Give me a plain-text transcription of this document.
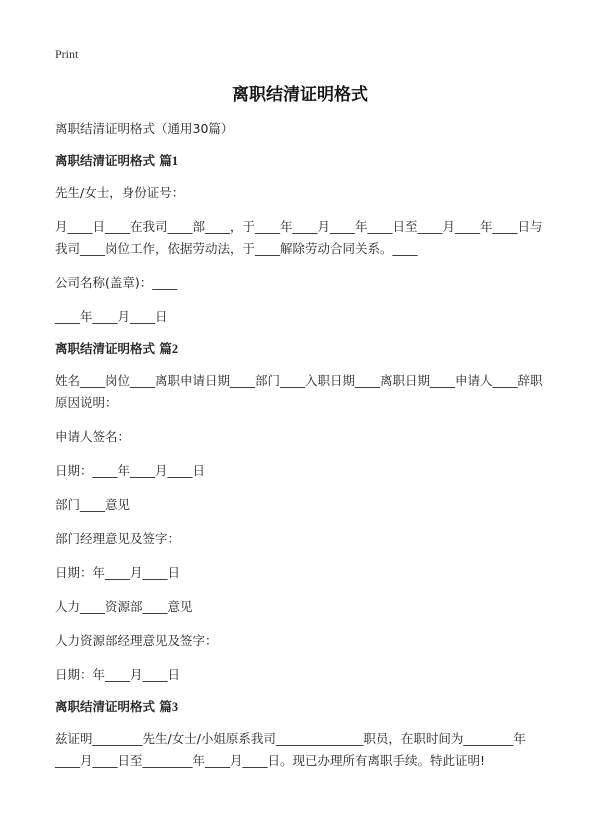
Print
离职结清证明格式
离职结清证明格式（通用30篇）
离职结清证明格式 篇1
先生/女士，身份证号：
月____日____在我司____部____，于____年____月____年____日至____月____年____日与我司____岗位工作，依据劳动法，于____解除劳动合同关系。____
公司名称(盖章)：____
____年____月____日
离职结清证明格式 篇2
姓名____岗位____离职申请日期____部门____入职日期____离职日期____申请人____辞职原因说明：
申请人签名：
日期：____年____月____日
部门____意见
部门经理意见及签字：
日期：年____月____日
人力____资源部____意见
人力资源部经理意见及签字：
日期：年____月____日
离职结清证明格式 篇3
兹证明________先生/女士/小姐原系我司______________职员，在职时间为________年____月____日至________年____月____日。现已办理所有离职手续。特此证明!
